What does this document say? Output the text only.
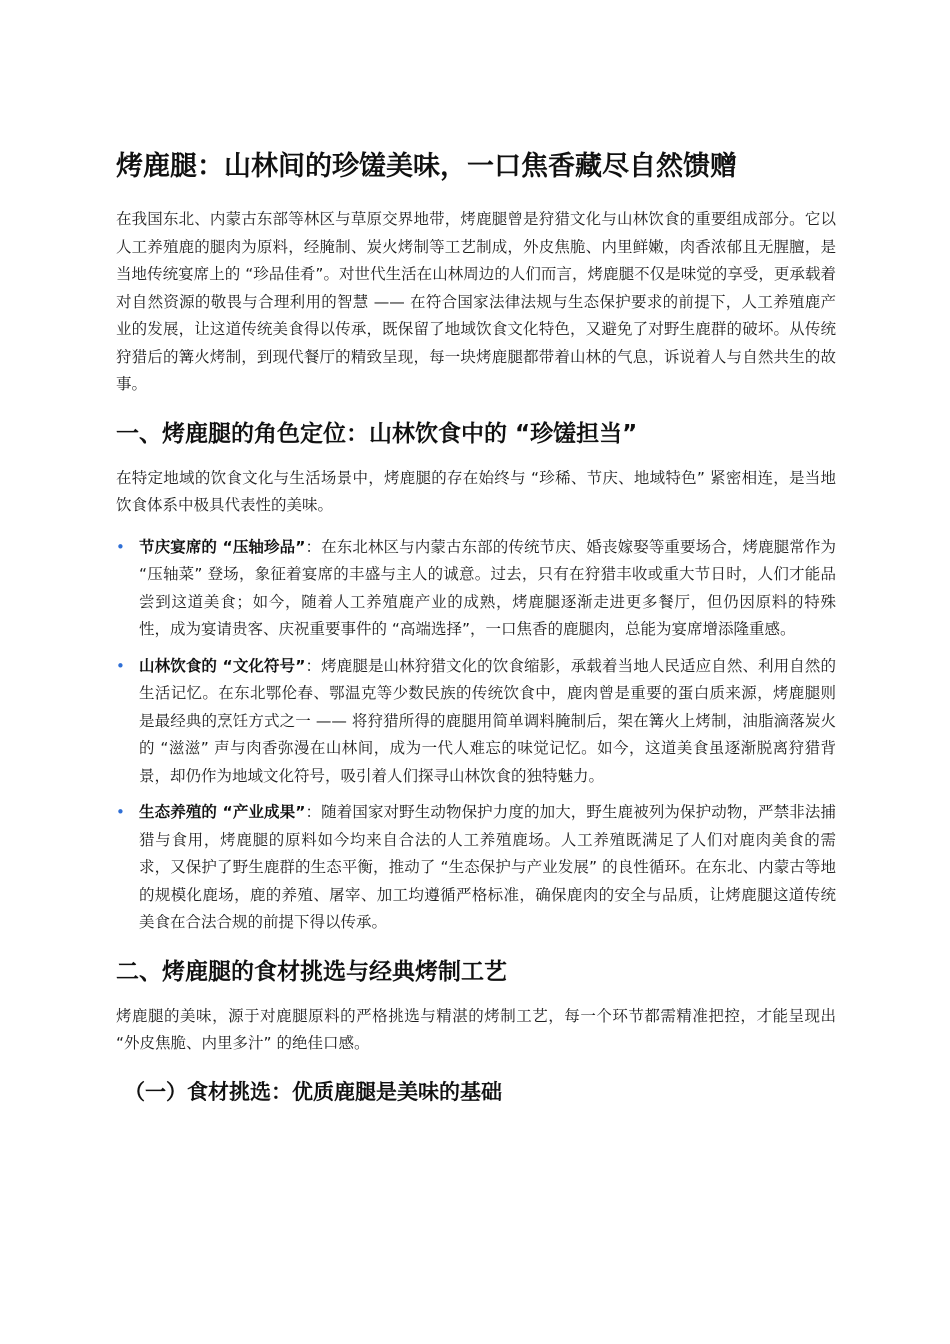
烤鹿腿：山林间的珍馐美味，一口焦香藏尽自然馈赠

在我国东北、内蒙古东部等林区与草原交界地带，烤鹿腿曾是狩猎文化与山林饮食的重要组成部分。它以人工养殖鹿的腿肉为原料，经腌制、炭火烤制等工艺制成，外皮焦脆、内里鲜嫩，肉香浓郁且无腥膻，是当地传统宴席上的 “珍品佳肴”。对世代生活在山林周边的人们而言，烤鹿腿不仅是味觉的享受，更承载着对自然资源的敬畏与合理利用的智慧 —— 在符合国家法律法规与生态保护要求的前提下，人工养殖鹿产业的发展，让这道传统美食得以传承，既保留了地域饮食文化特色，又避免了对野生鹿群的破坏。从传统狩猎后的篝火烤制，到现代餐厅的精致呈现，每一块烤鹿腿都带着山林的气息，诉说着人与自然共生的故事。

一、烤鹿腿的角色定位：山林饮食中的 “珍馐担当”

在特定地域的饮食文化与生活场景中，烤鹿腿的存在始终与 “珍稀、节庆、地域特色” 紧密相连，是当地饮食体系中极具代表性的美味。

• 节庆宴席的 “压轴珍品”：在东北林区与内蒙古东部的传统节庆、婚丧嫁娶等重要场合，烤鹿腿常作为 “压轴菜” 登场，象征着宴席的丰盛与主人的诚意。过去，只有在狩猎丰收或重大节日时，人们才能品尝到这道美食；如今，随着人工养殖鹿产业的成熟，烤鹿腿逐渐走进更多餐厅，但仍因原料的特殊性，成为宴请贵客、庆祝重要事件的 “高端选择”，一口焦香的鹿腿肉，总能为宴席增添隆重感。
• 山林饮食的 “文化符号”：烤鹿腿是山林狩猎文化的饮食缩影，承载着当地人民适应自然、利用自然的生活记忆。在东北鄂伦春、鄂温克等少数民族的传统饮食中，鹿肉曾是重要的蛋白质来源，烤鹿腿则是最经典的烹饪方式之一 —— 将狩猎所得的鹿腿用简单调料腌制后，架在篝火上烤制，油脂滴落炭火的 “滋滋” 声与肉香弥漫在山林间，成为一代人难忘的味觉记忆。如今，这道美食虽逐渐脱离狩猎背景，却仍作为地域文化符号，吸引着人们探寻山林饮食的独特魅力。
• 生态养殖的 “产业成果”：随着国家对野生动物保护力度的加大，野生鹿被列为保护动物，严禁非法捕猎与食用，烤鹿腿的原料如今均来自合法的人工养殖鹿场。人工养殖既满足了人们对鹿肉美食的需求，又保护了野生鹿群的生态平衡，推动了 “生态保护与产业发展” 的良性循环。在东北、内蒙古等地的规模化鹿场，鹿的养殖、屠宰、加工均遵循严格标准，确保鹿肉的安全与品质，让烤鹿腿这道传统美食在合法合规的前提下得以传承。
二、烤鹿腿的食材挑选与经典烤制工艺

烤鹿腿的美味，源于对鹿腿原料的严格挑选与精湛的烤制工艺，每一个环节都需精准把控，才能呈现出 “外皮焦脆、内里多汁” 的绝佳口感。

（一）食材挑选：优质鹿腿是美味的基础
